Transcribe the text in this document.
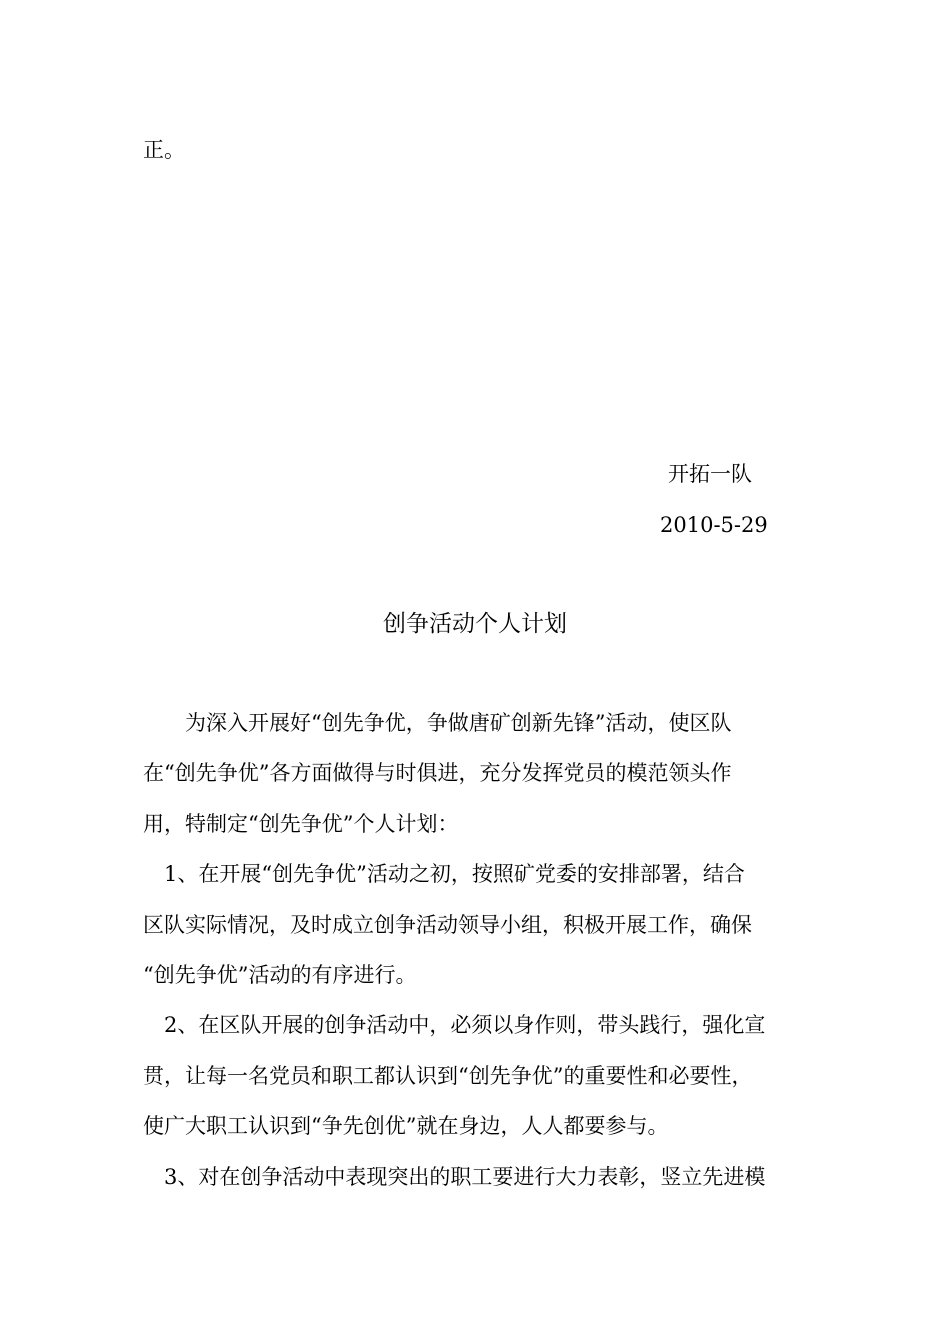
正。
开拓一队
2010-5-29
创争活动个人计划
为深入开展好“创先争优，争做唐矿创新先锋”活动，使区队
在“创先争优”各方面做得与时俱进，充分发挥党员的模范领头作
用，特制定“创先争优”个人计划：
1、在开展“创先争优”活动之初，按照矿党委的安排部署，结合
区队实际情况，及时成立创争活动领导小组，积极开展工作，确保
“创先争优”活动的有序进行。
2、在区队开展的创争活动中，必须以身作则，带头践行，强化宣
贯，让每一名党员和职工都认识到“创先争优”的重要性和必要性，
使广大职工认识到“争先创优”就在身边，人人都要参与。
3、对在创争活动中表现突出的职工要进行大力表彰，竖立先进模
